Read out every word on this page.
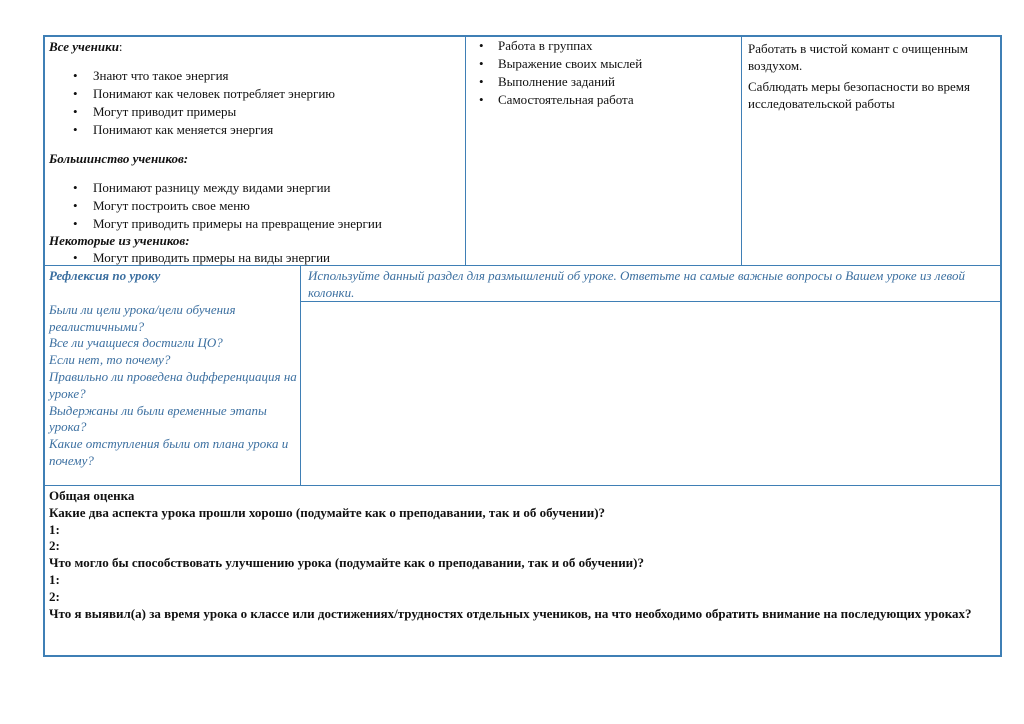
Все ученики:
• Знают что такое энергия
• Понимают как человек потребляет энергию
• Могут приводит примеры
• Понимают как меняется энергия
Большинство учеников:
• Понимают разницу между видами энергии
• Могут построить свое меню
• Могут приводить примеры на превращение энергии
Некоторые из учеников:
• Могут приводить прмеры на виды энергии
• Работа в группах
• Выражение своих мыслей
• Выполнение заданий
• Самостоятельная работа

Работать в чистой комант с очищенным воздухом.

Саблюдать меры безопасности во время исследовательской работы

Рефлексия по уроку
Были ли цели урока/цели обучения реалистичными?
Все ли учащиеся достигли ЦО?
Если нет, то почему?
Правильно ли проведена дифференциация на уроке?
Выдержаны ли были временные этапы урока?
Какие отступления были от плана урока и почему?
Используйте данный раздел для размышлений об уроке. Ответьте на самые важные вопросы о Вашем уроке из левой колонки.
Общая оценка
Какие два аспекта урока прошли хорошо (подумайте как о преподавании, так и об обучении)?
1:
2:
Что могло бы способствовать улучшению урока (подумайте как о преподавании, так и об обучении)?
1:
2:
Что я выявил(а) за время урока о классе или достижениях/трудностях отдельных учеников, на что необходимо обратить внимание на последующих уроках?
